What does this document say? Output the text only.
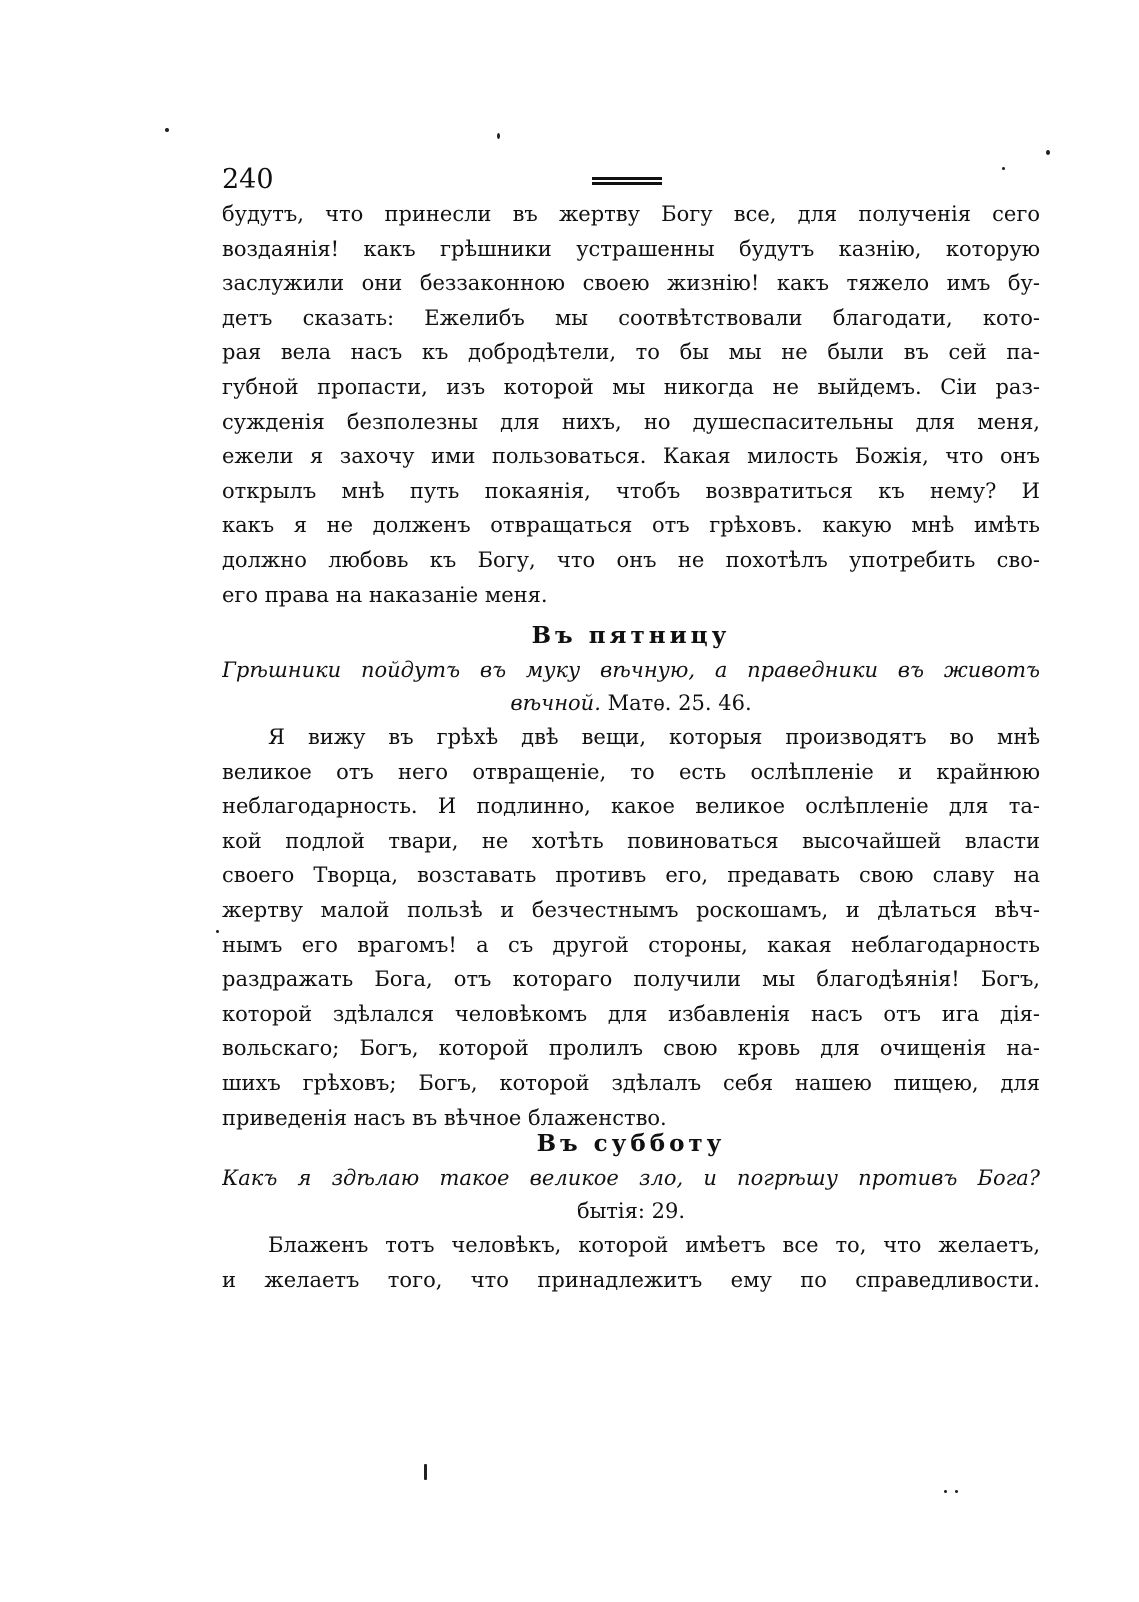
240
будутъ, что принесли въ жертву Богу все, для полученія сего
воздаянія! какъ грѣшники устрашенны будутъ казнію, которую
заслужили они беззаконною своею жизнію! какъ тяжело имъ бу-
детъ сказать: Ежелибъ мы соотвѣтствовали благодати, кото-
рая вела насъ къ добродѣтели, то бы мы не были въ сей па-
губной пропасти, изъ которой мы никогда не выйдемъ. Сіи раз-
сужденія безполезны для нихъ, но душеспасительны для меня,
ежели я захочу ими пользоваться. Какая милость Божія, что онъ
открылъ мнѣ путь покаянія, чтобъ возвратиться къ нему? И
какъ я не долженъ отвращаться отъ грѣховъ. какую мнѣ имѣть
должно любовь къ Богу, что онъ не похотѣлъ употребить сво-
его права на наказаніе меня.
Въ пятницу
Грѣшники пойдутъ въ муку вѣчную, а праведники въ животъ
вѣчной. Матѳ. 25. 46.
Я вижу въ грѣхѣ двѣ вещи, которыя производятъ во мнѣ
великое отъ него отвращеніе, то есть ослѣпленіе и крайнюю
неблагодарность. И подлинно, какое великое ослѣпленіе для та-
кой подлой твари, не хотѣть повиноваться высочайшей власти
своего Творца, возставать противъ его, предавать свою славу на
жертву малой пользѣ и безчестнымъ роскошамъ, и дѣлаться вѣч-
нымъ его врагомъ! а съ другой стороны, какая неблагодарность
раздражать Бога, отъ котораго получили мы благодѣянія! Богъ,
которой здѣлался человѣкомъ для избавленія насъ отъ ига дія-
вольскаго; Богъ, которой пролилъ свою кровь для очищенія на-
шихъ грѣховъ; Богъ, которой здѣлалъ себя нашею пищею, для
приведенія насъ въ вѣчное блаженство.
Въ субботу
Какъ я здѣлаю такое великое зло, и погрѣшу противъ Бога?
бытія: 29.
Блаженъ тотъ человѣкъ, которой имѣетъ все то, что желаетъ,
и желаетъ того, что принадлежитъ ему по справедливости.
